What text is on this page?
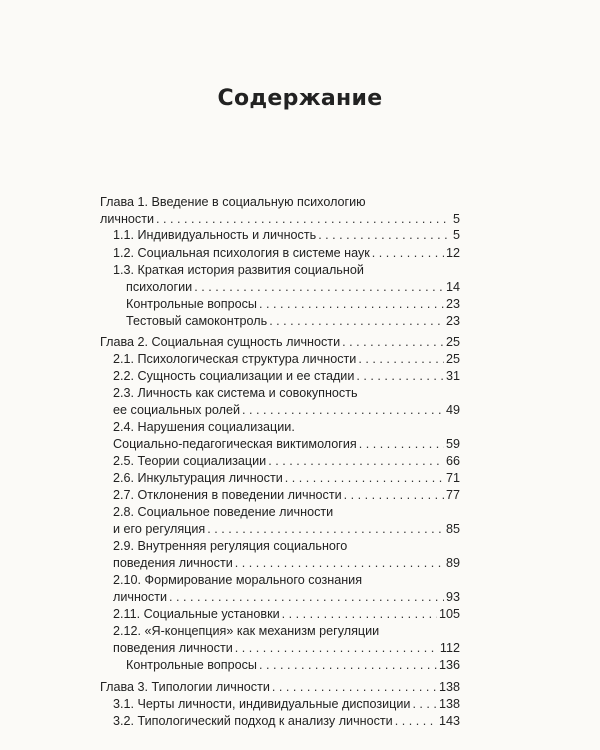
Содержание
Глава 1. Введение в социальную психологию
личности . . .	5
1.1. Индивидуальность и личность . . .	5
1.2. Социальная психология в системе наук . . .	12
1.3. Краткая история развития социальной
психологии . . .	14
Контрольные вопросы . . .	23
Тестовый самоконтроль . . .	23
Глава 2. Социальная сущность личности . . .	25
2.1. Психологическая структура личности . . .	25
2.2. Сущность социализации и ее стадии . . .	31
2.3. Личность как система и совокупность
ее социальных ролей . . .	49
2.4. Нарушения социализации.
Социально-педагогическая виктимология . . .	59
2.5. Теории социализации . . .	66
2.6. Инкультурация личности . . .	71
2.7. Отклонения в поведении личности . . .	77
2.8. Социальное поведение личности
и его регуляция . . .	85
2.9. Внутренняя регуляция социального
поведения личности . . .	89
2.10. Формирование морального сознания
личности . . .	93
2.11. Социальные установки . . .	105
2.12. «Я-концепция» как механизм регуляции
поведения личности . . .	112
Контрольные вопросы . . .	136
Глава 3. Типологии личности . . .	138
3.1. Черты личности, индивидуальные диспозиции . . . 138
3.2. Типологический подход к анализу личности . . .	143
